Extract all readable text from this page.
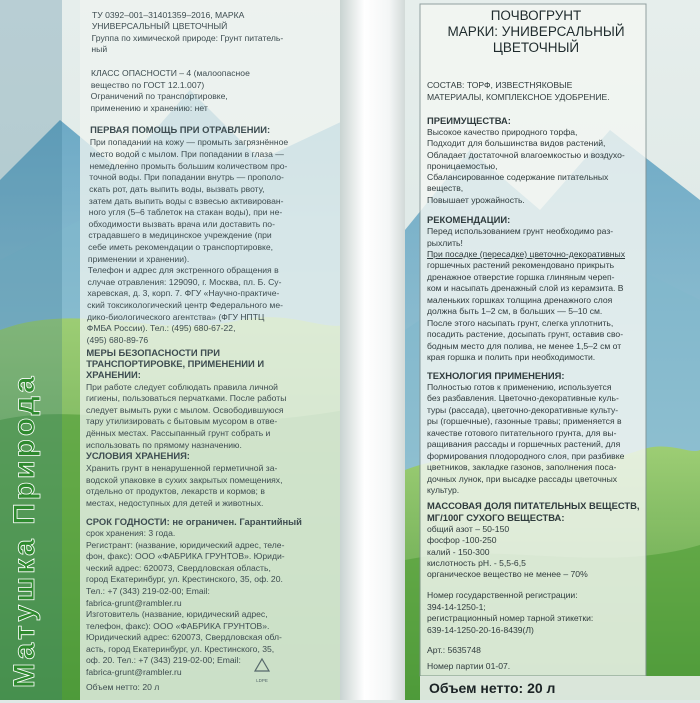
LDPE
Матушка Природа

ТУ 0392–001–31401359–2016, МАРКА

УНИВЕРСАЛЬНЫЙ ЦВЕТОЧНЫЙ

Группа по химической природе: Грунт питатель-

ный

КЛАСС ОПАСНОСТИ – 4 (малоопасное

вещество по ГОСТ 12.1.007)

Ограничений по транспортировке,

применению и хранению: нет

ПЕРВАЯ ПОМОЩЬ ПРИ ОТРАВЛЕНИИ:

При попадании на кожу — промыть загрязнённое

место водой с мылом. При попадании в глаза —

немедленно промыть большим количеством про-

точной воды. При попадании внутрь — прополо-

скать рот, дать выпить воды, вызвать рвоту,

затем дать выпить воды с взвесью активирован-

ного угля (5–6 таблеток на стакан воды), при не-

обходимости вызвать врача или доставить по-

страдавшего в медицинское учреждение (при

себе иметь рекомендации о транспортировке,

применении и хранении).

Телефон и адрес для экстренного обращения в

случае отравления: 129090, г. Москва, пл. Б. Су-

харевская, д. 3, корп. 7. ФГУ «Научно-практиче-

ский токсикологический центр Федерального ме-

дико-биологического агентства» (ФГУ НПТЦ

ФМБА России). Тел.: (495) 680-67-22,

(495) 680-89-76

МЕРЫ БЕЗОПАСНОСТИ ПРИ

ТРАНСПОРТИРОВКЕ, ПРИМЕНЕНИИ И

ХРАНЕНИИ:

При работе следует соблюдать правила личной

гигиены, пользоваться перчатками. После работы

следует вымыть руки с мылом. Освободившуюся

тару утилизировать с бытовым мусором в отве-

дённых местах. Рассыпанный грунт собрать и

использовать по прямому назначению.

УСЛОВИЯ ХРАНЕНИЯ:

Хранить грунт в ненарушенной герметичной за-

водской упаковке в сухих закрытых помещениях,

отдельно от продуктов, лекарств и кормов; в

местах, недоступных для детей и животных.

СРОК ГОДНОСТИ: не ограничен. Гарантийный

срок хранения: 3 года.

Регистрант: (название, юридический адрес, теле-

фон, факс): ООО «ФАБРИКА ГРУНТОВ». Юриди-

ческий адрес: 620073, Свердловская область,

город Екатеринбург, ул. Крестинского, 35, оф. 20.

Тел.: +7 (343) 219-02-00; Email:

fabrica-grunt@rambler.ru

Изготовитель (название, юридический адрес,

телефон, факс): ООО «ФАБРИКА ГРУНТОВ».

Юридический адрес: 620073, Свердловская обл-

асть, город Екатеринбург, ул. Крестинского, 35,

оф. 20. Тел.: +7 (343) 219-02-00; Email:

fabrica-grunt@rambler.ru

Объем нетто: 20 л

ПОЧВОГРУНТ
МАРКИ: УНИВЕРСАЛЬНЫЙ
ЦВЕТОЧНЫЙ

СОСТАВ: ТОРФ, ИЗВЕСТНЯКОВЫЕ

МАТЕРИАЛЫ, КОМПЛЕКСНОЕ УДОБРЕНИЕ.

ПРЕИМУЩЕСТВА:

Высокое качество природного торфа,

Подходит для большинства видов растений,

Обладает достаточной влагоемкостью и воздухо-

проницаемостью,

Сбалансированное содержание питательных

веществ,

Повышает урожайность.

РЕКОМЕНДАЦИИ:

Перед использованием грунт необходимо раз-

рыхлить!

При посадке (пересадке) цветочно-декоративных

горшечных растений рекомендовано прикрыть

дренажное отверстие горшка глиняным череп-

ком и насыпать дренажный слой из керамзита. В

маленьких горшках толщина дренажного слоя

должна быть 1–2 см, в больших — 5–10 см.

После этого насыпать грунт, слегка уплотнить,

посадить растение, досыпать грунт, оставив сво-

бодным место для полива, не менее 1,5–2 см от

края горшка и полить при необходимости.

ТЕХНОЛОГИЯ ПРИМЕНЕНИЯ:

Полностью готов к применению, используется

без разбавления. Цветочно-декоративные куль-

туры (рассада), цветочно-декоративные культу-

ры (горшечные), газонные травы; применяется в

качестве готового питательного грунта, для вы-

ращивания рассады и горшечных растений, для

формирования плодородного слоя, при разбивке

цветников, закладке газонов, заполнения поса-

дочных лунок, при высадке рассады цветочных

культур.

МАССОВАЯ ДОЛЯ ПИТАТЕЛЬНЫХ ВЕЩЕСТВ,

МГ/100Г СУХОГО ВЕЩЕСТВА:

общий азот – 50-150

фосфор -100-250

калий - 150-300

кислотность рН. - 5,5-6,5

органическое вещество не менее – 70%

Номер государственной регистрации:

394-14-1250-1;

регистрационный номер тарной этикетки:

639-14-1250-20-16-8439(Л)

Арт.: 5635748

Номер партии 01-07.

Объем нетто: 20 л
